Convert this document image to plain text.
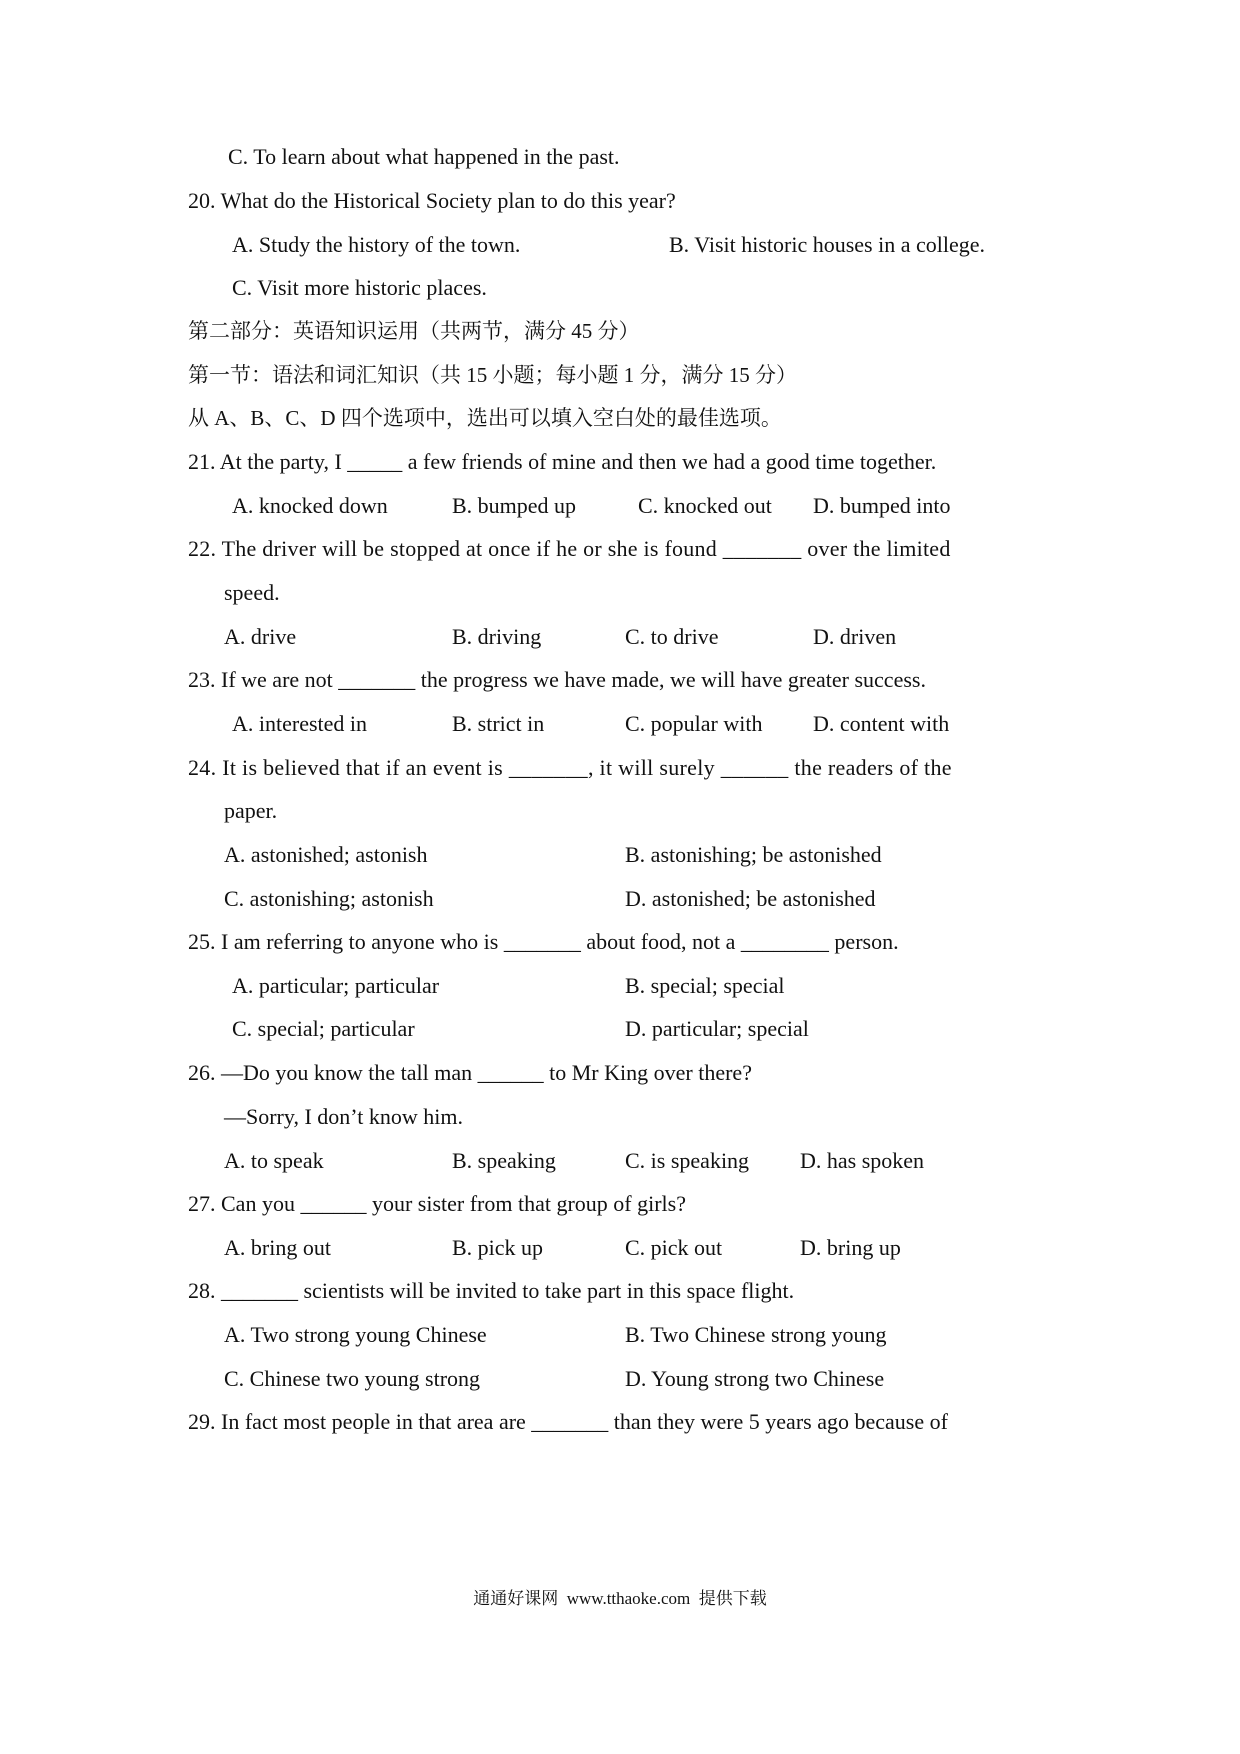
C. To learn about what happened in the past.
20. What do the Historical Society plan to do this year?
A. Study the history of the town.	B. Visit historic houses in a college.
C. Visit more historic places.
第二部分：英语知识运用（共两节，满分 45 分）
第一节：语法和词汇知识（共 15 小题；每小题 1 分，满分 15 分）
从 A、B、C、D 四个选项中，选出可以填入空白处的最佳选项。
21. At the party, I _____ a few friends of mine and then we had a good time together.
A. knocked down	B. bumped up	C. knocked out D. bumped into
22. The driver will be stopped at once if he or she is found _______ over the limited
speed.
A. drive	B. driving	C. to drive	D. driven
23. If we are not _______ the progress we have made, we will have greater success.
A. interested in	B. strict in	C. popular with D. content with
24. It is believed that if an event is _______, it will surely ______ the readers of the
paper.
A. astonished; astonish	B. astonishing; be astonished
C. astonishing; astonish	D. astonished; be astonished
25. I am referring to anyone who is _______ about food, not a ________ person.
A. particular; particular	B. special; special
C. special; particular	D. particular; special
26. —Do you know the tall man ______ to Mr King over there?
—Sorry, I don’t know him.
A. to speak	B. speaking	C. is speaking D. has spoken
27. Can you ______ your sister from that group of girls?
A. bring out	B. pick up	C. pick out	D. bring up
28. _______ scientists will be invited to take part in this space flight.
A. Two strong young Chinese	B. Two Chinese strong young
C. Chinese two young strong	D. Young strong two Chinese
29. In fact most people in that area are _______ than they were 5 years ago because of
通通好课网  www.tthaoke.com  提供下载
